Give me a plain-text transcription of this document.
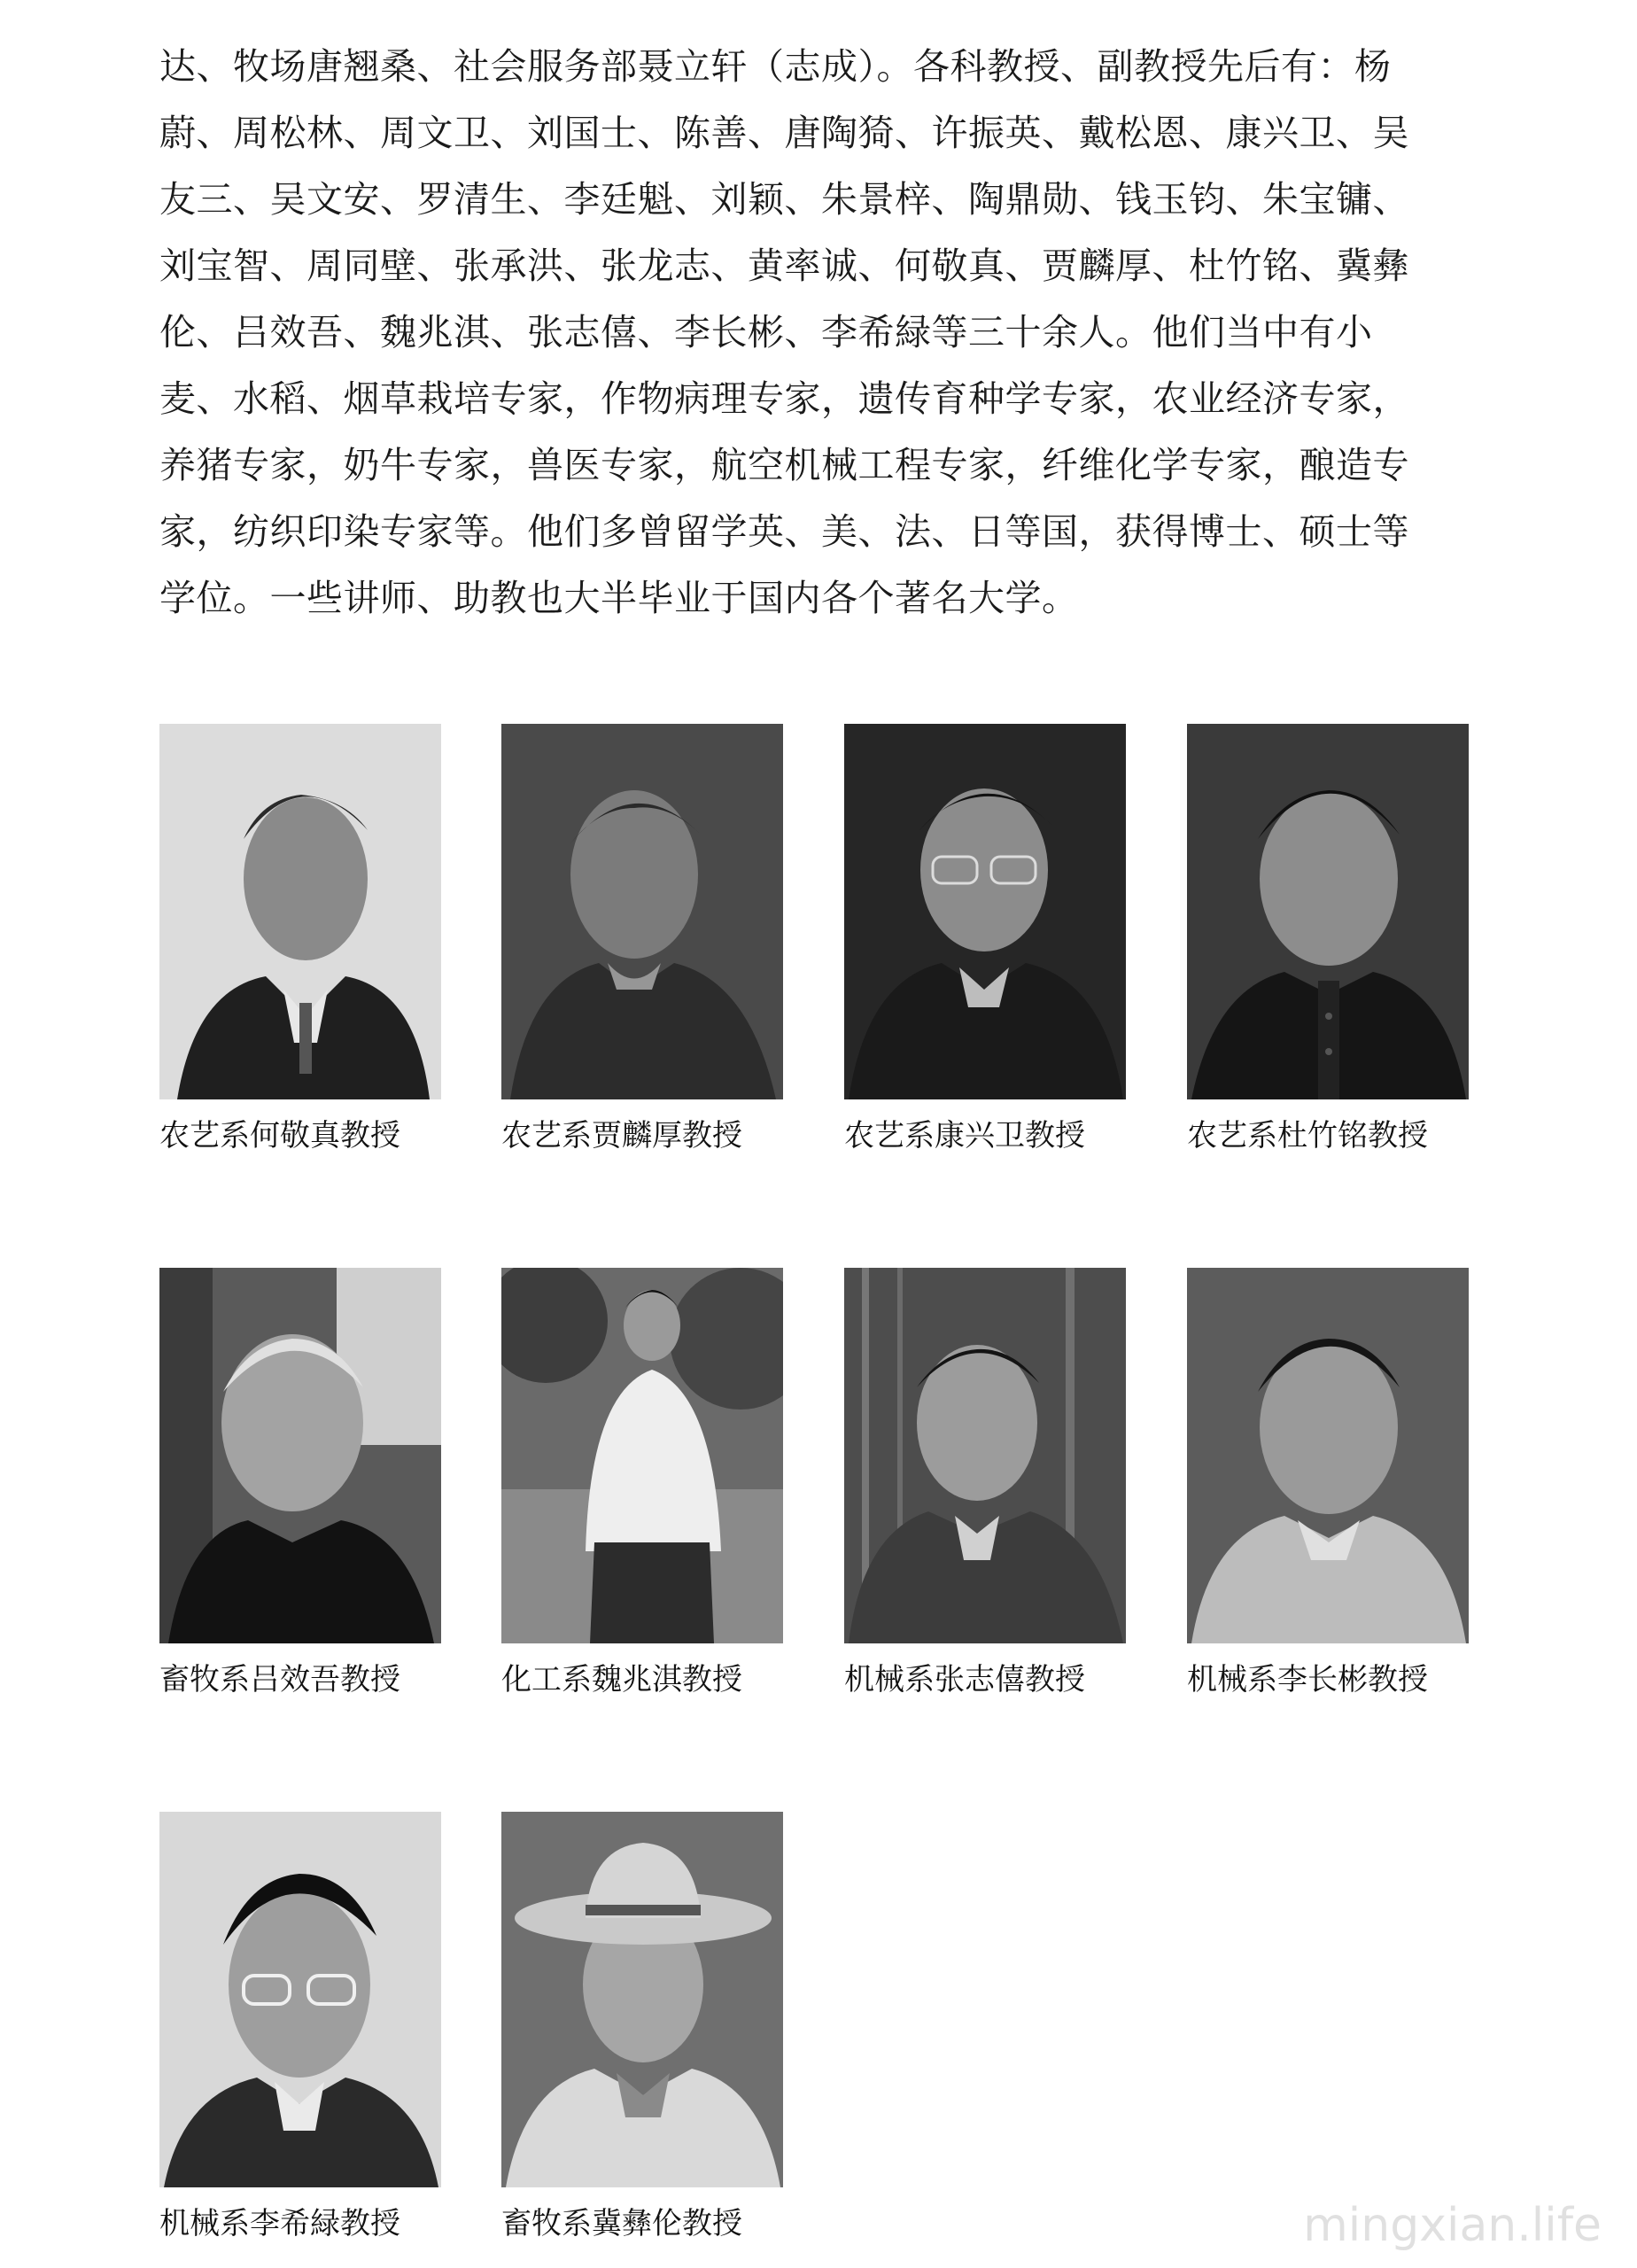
达、牧场唐翘桑、社会服务部聂立轩（志成）。各科教授、副教授先后有：杨
蔚、周松林、周文卫、刘国士、陈善、唐陶猗、许振英、戴松恩、康兴卫、吴
友三、吴文安、罗清生、李廷魁、刘颖、朱景梓、陶鼎勋、钱玉钧、朱宝镛、
刘宝智、周同壁、张承洪、张龙志、黄率诚、何敬真、贾麟厚、杜竹铭、冀彝
伦、吕效吾、魏兆淇、张志僖、李长彬、李希緑等三十余人。他们当中有小
麦、水稻、烟草栽培专家，作物病理专家，遗传育种学专家，农业经济专家，
养猪专家，奶牛专家，兽医专家，航空机械工程专家，纤维化学专家，酿造专
家，纺织印染专家等。他们多曾留学英、美、法、日等国，获得博士、硕士等
学位。一些讲师、助教也大半毕业于国内各个著名大学。
农艺系何敬真教授	农艺系贾麟厚教授	农艺系康兴卫教授	农艺系杜竹铭教授
畜牧系吕效吾教授	化工系魏兆淇教授	机械系张志僖教授	机械系李长彬教授
机械系李希緑教授	畜牧系冀彝伦教授	mingxian.life
